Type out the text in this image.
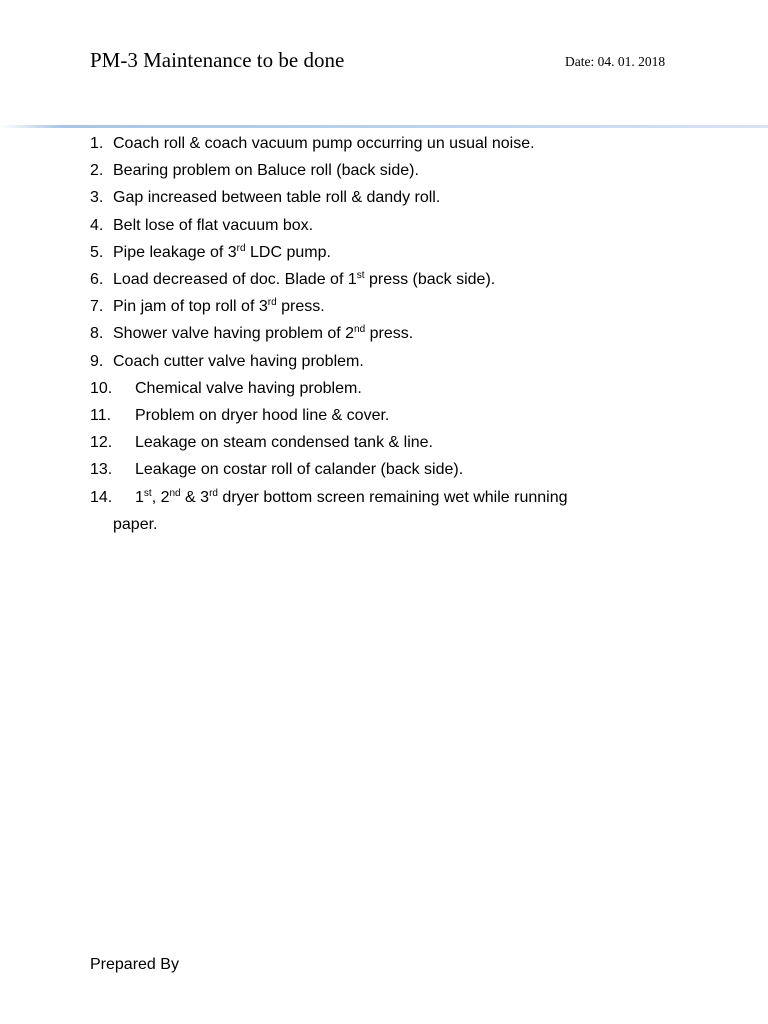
PM-3 Maintenance to be done	Date: 04. 01. 2018
1. Coach roll & coach vacuum pump occurring un usual noise.
2. Bearing problem on Baluce roll (back side).
3. Gap increased between table roll & dandy roll.
4. Belt lose of flat vacuum box.
5. Pipe leakage of 3rd LDC pump.
6. Load decreased of doc. Blade of 1st press (back side).
7. Pin jam of top roll of 3rd press.
8. Shower valve having problem of 2nd press.
9. Coach cutter valve having problem.
10. Chemical valve having problem.
11. Problem on dryer hood line & cover.
12. Leakage on steam condensed tank & line.
13. Leakage on costar roll of calander (back side).
14. 1st, 2nd & 3rd dryer bottom screen remaining wet while running
paper.
Prepared By
